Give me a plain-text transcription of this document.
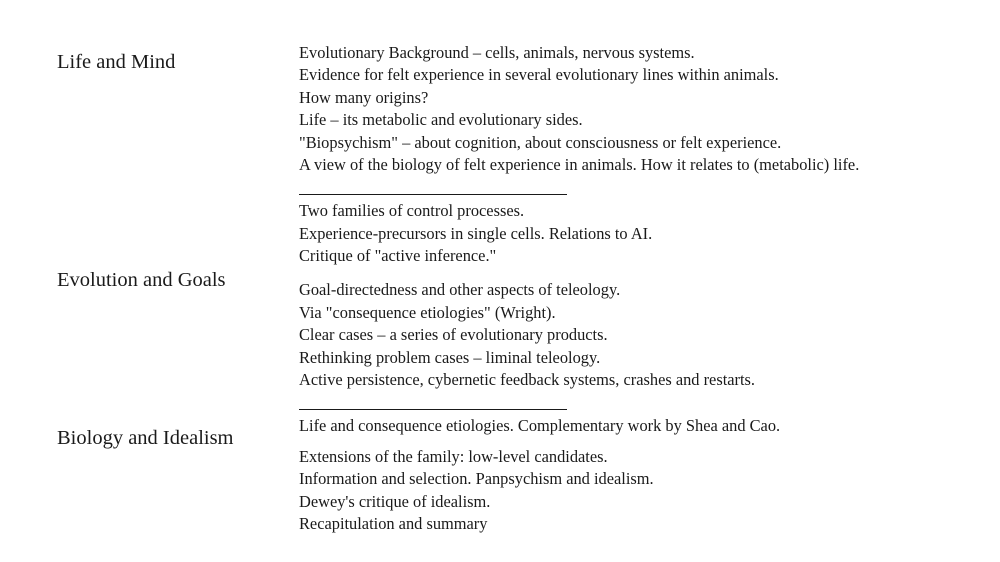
Life and Mind	Evolutionary Background – cells, animals, nervous systems.
Evidence for felt experience in several evolutionary lines within animals.
How many origins?
Life – its metabolic and evolutionary sides.
"Biopsychism" – about cognition, about consciousness or felt experience.
A view of the biology of felt experience in animals. How it relates to (metabolic) life.
Two families of control processes.
Experience-precursors in single cells. Relations to AI.
Critique of "active inference."
Evolution and Goals	Goal-directedness and other aspects of teleology.
Via "consequence etiologies" (Wright).
Clear cases – a series of evolutionary products.
Rethinking problem cases – liminal teleology.
Active persistence, cybernetic feedback systems, crashes and restarts.
Life and consequence etiologies. Complementary work by Shea and Cao.
Biology and Idealism
Extensions of the family: low-level candidates.
Information and selection. Panpsychism and idealism.
Dewey's critique of idealism.
Recapitulation and summary
